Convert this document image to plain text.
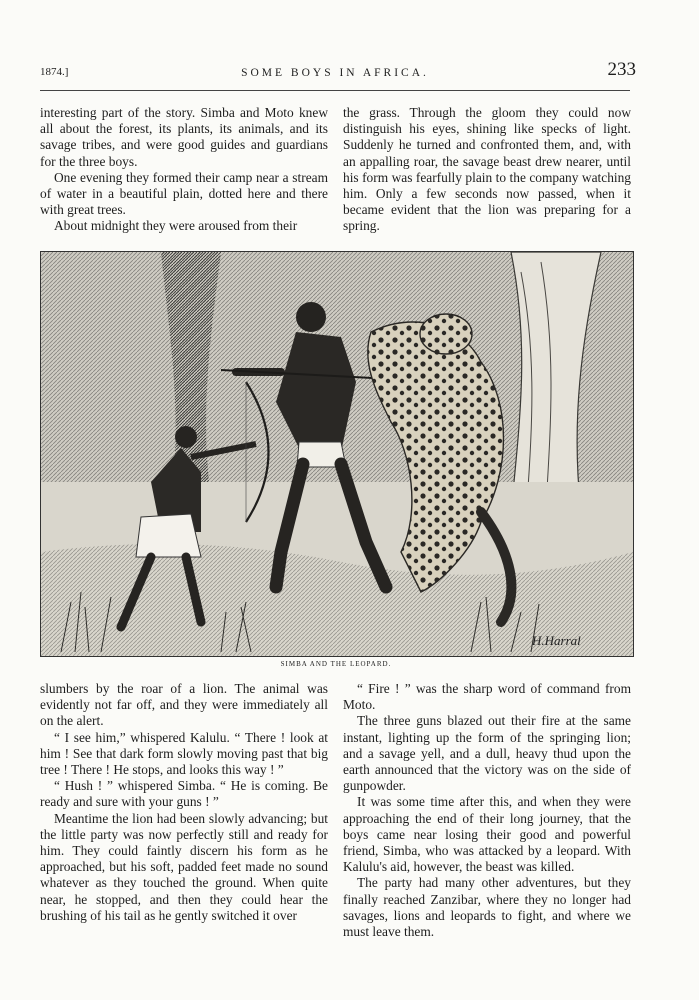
1874.]	SOME BOYS IN AFRICA.	233

interesting part of the story. Simba and Moto knew all about the forest, its plants, its animals, and its savage tribes, and were good guides and guardians for the three boys.

One evening they formed their camp near a stream of water in a beautiful plain, dotted here and there with great trees.

About midnight they were aroused from their

the grass. Through the gloom they could now distinguish his eyes, shining like specks of light. Suddenly he turned and confronted them, and, with an appalling roar, the savage beast drew nearer, until his form was fearfully plain to the company watching him. Only a few seconds now passed, when it became evident that the lion was preparing for a spring.

H.Harral
SIMBA AND THE LEOPARD.

slumbers by the roar of a lion. The animal was evidently not far off, and they were immediately all on the alert.

“ I see him,” whispered Kalulu. “ There ! look at him ! See that dark form slowly moving past that big tree ! There ! He stops, and looks this way ! ”

“ Hush ! ” whispered Simba. “ He is coming. Be ready and sure with your guns ! ”

Meantime the lion had been slowly advancing; but the little party was now perfectly still and ready for him. They could faintly discern his form as he approached, but his soft, padded feet made no sound whatever as they touched the ground. When quite near, he stopped, and then they could hear the brushing of his tail as he gently switched it over

“ Fire ! ” was the sharp word of command from Moto.

The three guns blazed out their fire at the same instant, lighting up the form of the springing lion; and a savage yell, and a dull, heavy thud upon the earth announced that the victory was on the side of gunpowder.

It was some time after this, and when they were approaching the end of their long journey, that the boys came near losing their good and powerful friend, Simba, who was attacked by a leopard. With Kalulu's aid, however, the beast was killed.

The party had many other adventures, but they finally reached Zanzibar, where they no longer had savages, lions and leopards to fight, and where we must leave them.
